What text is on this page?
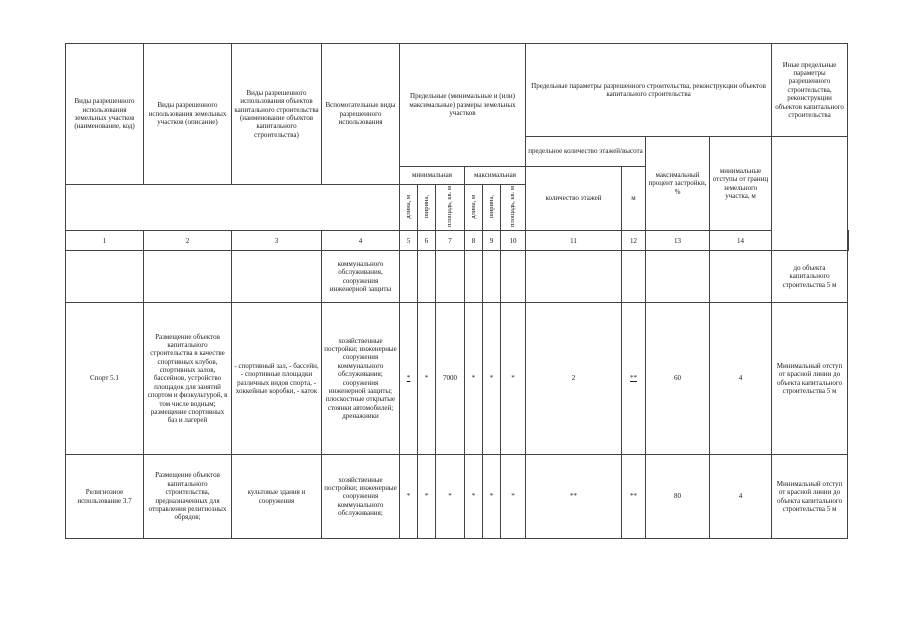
Виды разрешенного использования земельных участков (наименование, код)	Виды разрешенного использования земельных участков (описание)	Виды разрешенного использования объектов капитального строительства (наименование объектов капитального строительства)	Вспомогательные виды разрешенного использования	Предельные (минимальные и (или) максимальные) размеры земельных участков						Предельные параметры разрешенного строительства, реконструкции объектов капитального строительства				Иные предельные параметры разрешенного строительства, реконструкции объектов капитального строительства	
										предельное количество этажей/высота		максимальный процент застройки, %	минимальные отступы от границ земельного участка, м		
				минимальная			максимальная			количество этажей	м				
				длина, м	ширина,	площадь, кв. м	длина, м	ширина,	площадь, кв. м						
1	2	3	4	5	6	7	8	9	10	11	12	13	14	
			коммунального обслуживания, сооружения инженерной защиты											до объекта капитального строительства 5 м	
Спорт 5.1	Размещение объектов капитального строительства в качестве спортивных клубов, спортивных залов, бассейнов, устройство площадок для занятий спортом и физкультурой, в том числе водным; размещение спортивных баз и лагерей	- спортивный зал, - бассейн, - спортивные площадки различных видов спорта, - хоккейные коробки, - каток	хозяйственные постройки; инженерные сооружения коммунального обслуживания; сооружения инженерной защиты; плоскостные открытые стоянки автомобилей; дренажники	*	*	7000	*	*	*	2	**	60	4	Минимальный отступ от красной линии до объекта капитального строительства 5 м	
Религиозное использование 3.7	Размещение объектов капитального строительства, предназначенных для отправления религиозных обрядов;	культовые здания и сооружения	хозяйственные постройки; инженерные сооружения коммунального обслуживания;	*	*	*	*	*	*	**	**	80	4	Минимальный отступ от красной линии до объекта капитального строительства 5 м	
